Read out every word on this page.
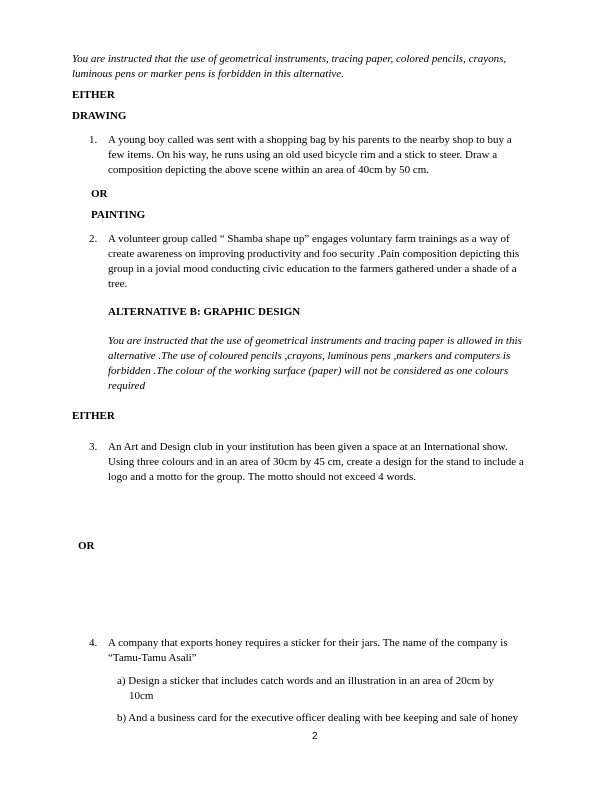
You are instructed that the use of geometrical instruments, tracing paper, colored pencils, crayons,
luminous pens or marker pens is forbidden in this alternative.
EITHER
DRAWING
1. A young boy called was sent with a shopping bag by his parents to the nearby shop to buy a
few items. On his way, he runs using an old used bicycle rim and a stick to steer. Draw a
composition depicting the above scene within an area of 40cm by 50 cm.
OR
PAINTING
2. A volunteer group called “ Shamba shape up” engages voluntary farm trainings as a way of
create awareness on improving productivity and foo security .Pain composition depicting this
group in a jovial mood conducting civic education to the farmers gathered under a shade of a
tree.
ALTERNATIVE B: GRAPHIC DESIGN
You are instructed that the use of geometrical instruments and tracing paper is allowed in this
alternative .The use of coloured pencils ,crayons, luminous pens ,markers and computers is
forbidden .The colour of the working surface (paper) will not be considered as one colours
required
EITHER
3. An Art and Design club in your institution has been given a space at an International show.
Using three colours and in an area of 30cm by 45 cm, create a design for the stand to include a
logo and a motto for the group. The motto should not exceed 4 words.
OR
4. A company that exports honey requires a sticker for their jars. The name of the company is
“Tamu-Tamu Asali”
a) Design a sticker that includes catch words and an illustration in an area of 20cm by
10cm
b) And a business card for the executive officer dealing with bee keeping and sale of honey
2
